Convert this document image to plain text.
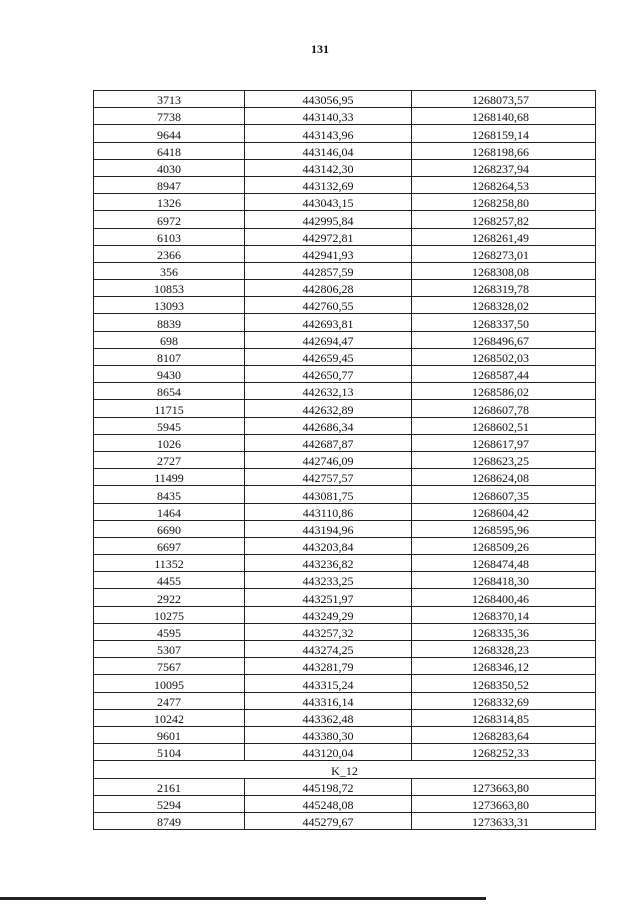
131
3713	443056,95	1268073,57
7738	443140,33	1268140,68
9644	443143,96	1268159,14
6418	443146,04	1268198,66
4030	443142,30	1268237,94
8947	443132,69	1268264,53
1326	443043,15	1268258,80
6972	442995,84	1268257,82
6103	442972,81	1268261,49
2366	442941,93	1268273,01
356	442857,59	1268308,08
10853	442806,28	1268319,78
13093	442760,55	1268328,02
8839	442693,81	1268337,50
698	442694,47	1268496,67
8107	442659,45	1268502,03
9430	442650,77	1268587,44
8654	442632,13	1268586,02
11715	442632,89	1268607,78
5945	442686,34	1268602,51
1026	442687,87	1268617,97
2727	442746,09	1268623,25
11499	442757,57	1268624,08
8435	443081,75	1268607,35
1464	443110,86	1268604,42
6690	443194,96	1268595,96
6697	443203,84	1268509,26
11352	443236,82	1268474,48
4455	443233,25	1268418,30
2922	443251,97	1268400,46
10275	443249,29	1268370,14
4595	443257,32	1268335,36
5307	443274,25	1268328,23
7567	443281,79	1268346,12
10095	443315,24	1268350,52
2477	443316,14	1268332,69
10242	443362,48	1268314,85
9601	443380,30	1268283,64
5104	443120,04	1268252,33
K_12		
2161	445198,72	1273663,80
5294	445248,08	1273663,80
8749	445279,67	1273633,31
